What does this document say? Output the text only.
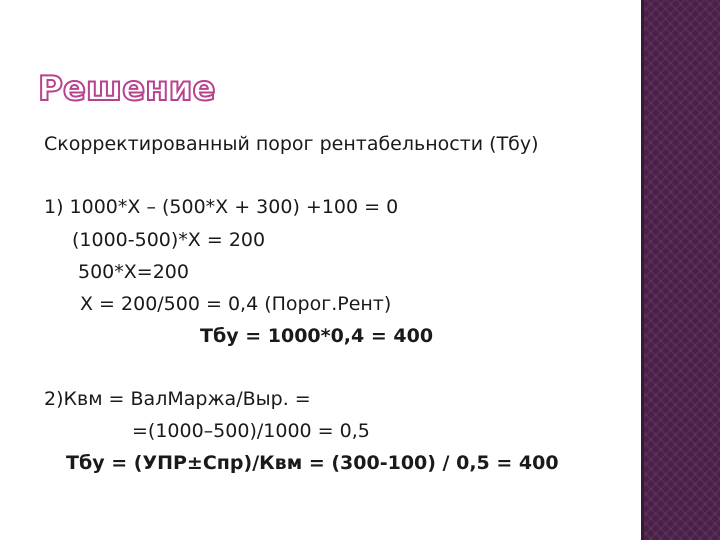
Решение
Скорректированный порог рентабельности (Тбу)
1) 1000*X – (500*X + 300) +100 = 0
(1000-500)*X = 200
500*X=200
X = 200/500 = 0,4 (Порог.Рент)
Тбу = 1000*0,4 = 400
2)Квм = ВалМаржа/Выр. =
=(1000–500)/1000 = 0,5
Тбу = (УПР±Спр)/Квм = (300-100) / 0,5 = 400
